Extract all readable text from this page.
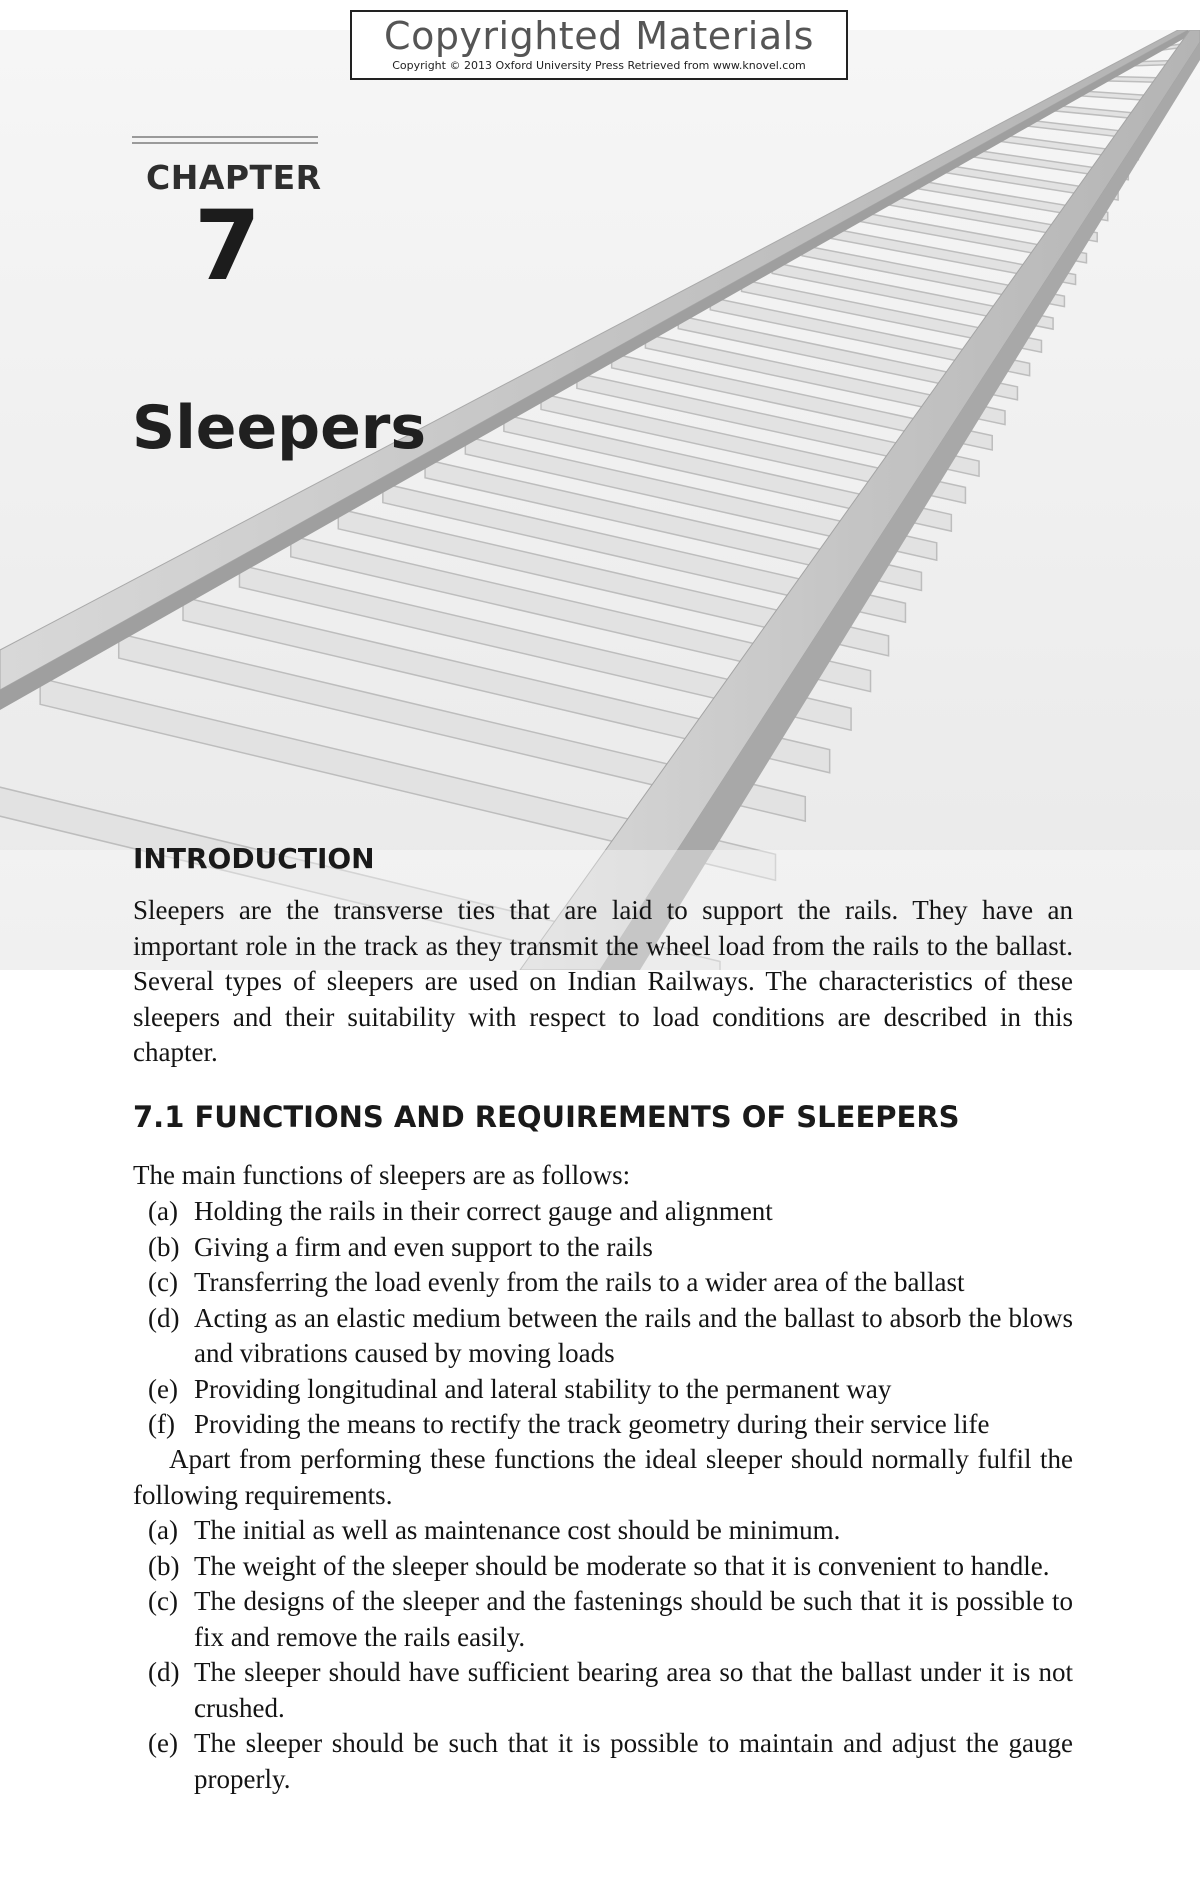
Copyrighted Materials
Copyright © 2013 Oxford University Press Retrieved from www.knovel.com
CHAPTER
7
Sleepers
INTRODUCTION

Sleepers are the transverse ties that are laid to support the rails. They have an important role in the track as they transmit the wheel load from the rails to the ballast. Several types of sleepers are used on Indian Railways. The characteristics of these sleepers and their suitability with respect to load conditions are described in this chapter.

7.1 FUNCTIONS AND REQUIREMENTS OF SLEEPERS

The main functions of sleepers are as follows:

(a) Holding the rails in their correct gauge and alignment
(b) Giving a firm and even support to the rails
(c) Transferring the load evenly from the rails to a wider area of the ballast
(d) Acting as an elastic medium between the rails and the ballast to absorb the blows and vibrations caused by moving loads
(e) Providing longitudinal and lateral stability to the permanent way
(f) Providing the means to rectify the track geometry during their service life

Apart from performing these functions the ideal sleeper should normally fulfil the following requirements.

(a) The initial as well as maintenance cost should be minimum.
(b) The weight of the sleeper should be moderate so that it is convenient to handle.
(c) The designs of the sleeper and the fastenings should be such that it is possible to fix and remove the rails easily.
(d) The sleeper should have sufficient bearing area so that the ballast under it is not crushed.
(e) The sleeper should be such that it is possible to maintain and adjust the gauge properly.
